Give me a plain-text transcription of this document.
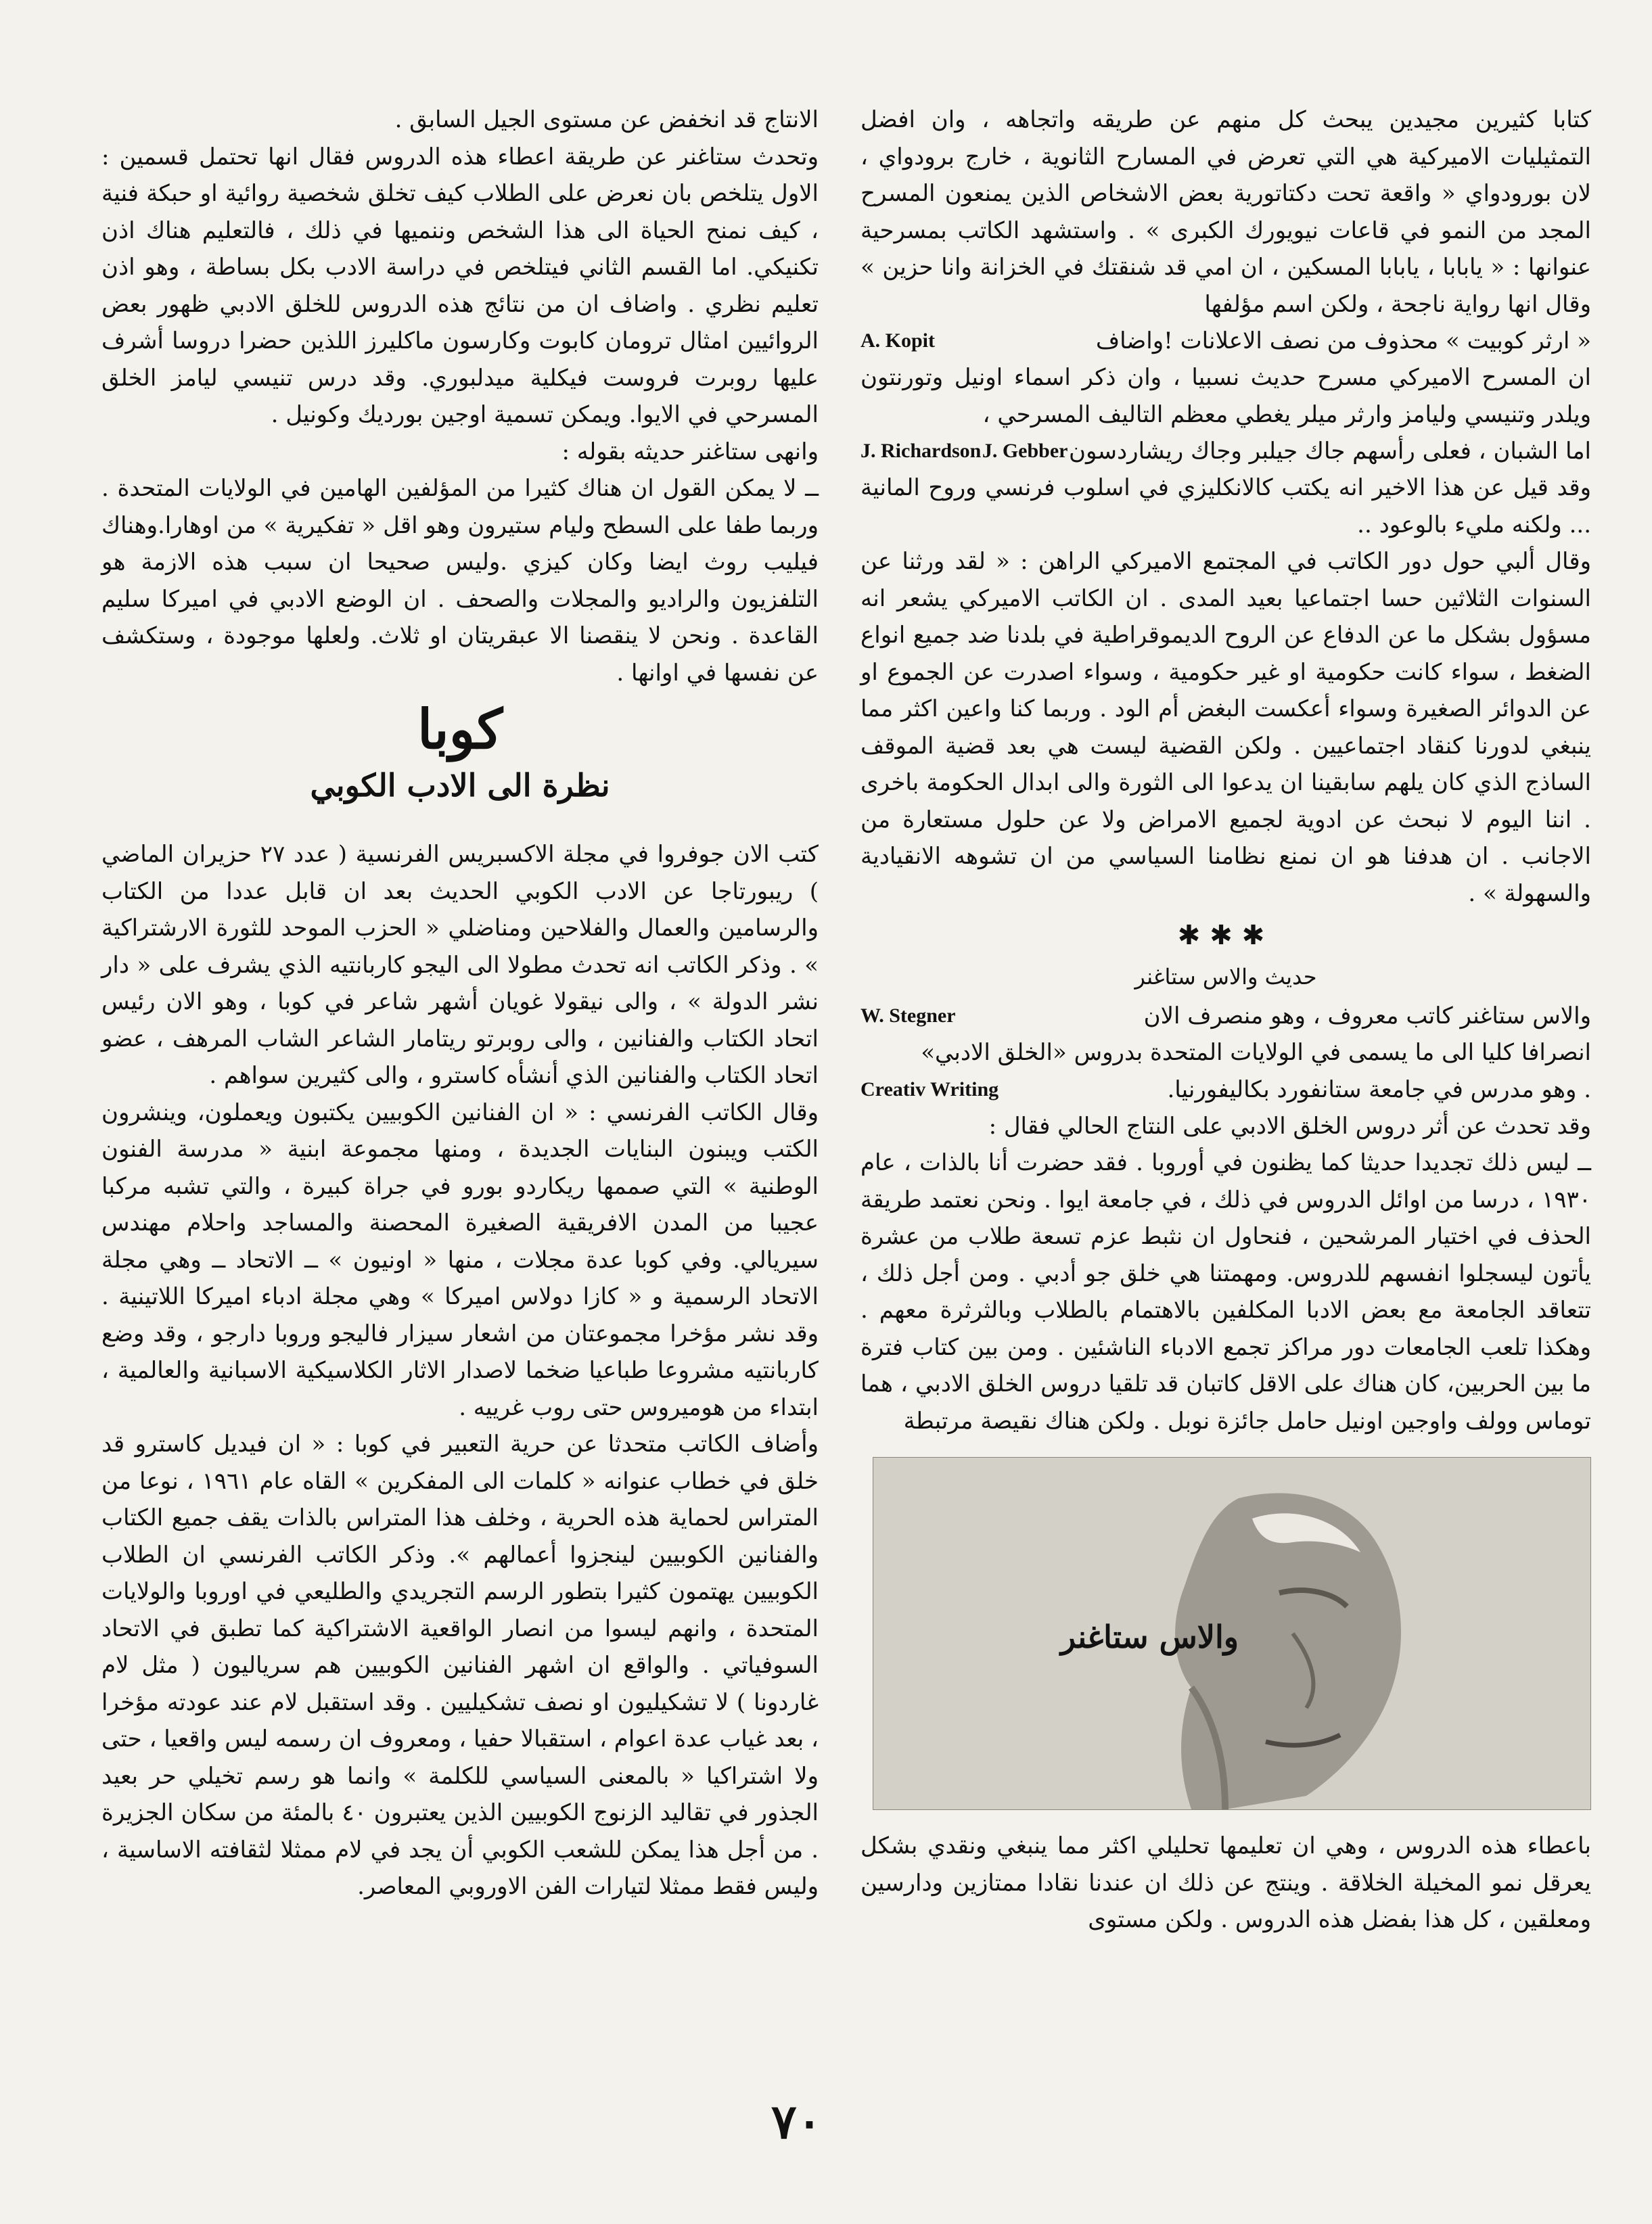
كتابا كثيرين مجيدين يبحث كل منهم عن طريقه واتجاهه ، وان افضل التمثيليات الاميركية هي التي تعرض في المسارح الثانوية ، خارج برودواي ، لان بورودواي « واقعة تحت دكتاتورية بعض الاشخاص الذين يمنعون المسرح المجد من النمو في قاعات نيويورك الكبرى » . واستشهد الكاتب بمسرحية عنوانها : « يابابا ، يابابا المسكين ، ان امي قد شنقتك في الخزانة وانا حزين » وقال انها رواية ناجحة ، ولكن اسم مؤلفها

« ارثر كوبيت » محذوف من نصف الاعلانات !واضاف
A. Kopit

ان المسرح الاميركي مسرح حديث نسبيا ، وان ذكر اسماء اونيل وتورنتون ويلدر وتنيسي وليامز وارثر ميلر يغطي معظم التاليف المسرحي ،

اما الشبان ، فعلى رأسهم جاك جيلبر وجاك ريشاردسون
J. Gebber
J. Richardson

وقد قيل عن هذا الاخير انه يكتب كالانكليزي في اسلوب فرنسي وروح المانية ... ولكنه مليء بالوعود ..

وقال ألبي حول دور الكاتب في المجتمع الاميركي الراهن : « لقد ورثنا عن السنوات الثلاثين حسا اجتماعيا بعيد المدى . ان الكاتب الاميركي يشعر انه مسؤول بشكل ما عن الدفاع عن الروح الديموقراطية في بلدنا ضد جميع انواع الضغط ، سواء كانت حكومية او غير حكومية ، وسواء اصدرت عن الجموع او عن الدوائر الصغيرة وسواء أعكست البغض أم الود . وربما كنا واعين اكثر مما ينبغي لدورنا كنقاد اجتماعيين . ولكن القضية ليست هي بعد قضية الموقف الساذج الذي كان يلهم سابقينا ان يدعوا الى الثورة والى ابدال الحكومة باخرى . اننا اليوم لا نبحث عن ادوية لجميع الامراض ولا عن حلول مستعارة من الاجانب . ان هدفنا هو ان نمنع نظامنا السياسي من ان تشوهه الانقيادية والسهولة » .

✱✱✱
حديث والاس ستاغنر
والاس ستاغنر كاتب معروف ، وهو منصرف الان
W. Stegner

انصرافا كليا الى ما يسمى في الولايات المتحدة بدروس «الخلق الادبي»

. وهو مدرس في جامعة ستانفورد بكاليفورنيا.
Creativ Writing

وقد تحدث عن أثر دروس الخلق الادبي على النتاج الحالي فقال :

ــ ليس ذلك تجديدا حديثا كما يظنون في أوروبا . فقد حضرت أنا بالذات ، عام ١٩٣٠ ، درسا من اوائل الدروس في ذلك ، في جامعة ايوا . ونحن نعتمد طريقة الحذف في اختيار المرشحين ، فنحاول ان نثبط عزم تسعة طلاب من عشرة يأتون ليسجلوا انفسهم للدروس. ومهمتنا هي خلق جو أدبي . ومن أجل ذلك ، تتعاقد الجامعة مع بعض الادبا المكلفين بالاهتمام بالطلاب وبالثرثرة معهم . وهكذا تلعب الجامعات دور مراكز تجمع الادباء الناشئين . ومن بين كتاب فترة ما بين الحربين، كان هناك على الاقل كاتبان قد تلقيا دروس الخلق الادبي ، هما توماس وولف واوجين اونيل حامل جائزة نوبل . ولكن هناك نقيصة مرتبطة

والاس ستاغنر

باعطاء هذه الدروس ، وهي ان تعليمها تحليلي اكثر مما ينبغي ونقدي بشكل يعرقل نمو المخيلة الخلاقة . وينتج عن ذلك ان عندنا نقادا ممتازين ودارسين ومعلقين ، كل هذا بفضل هذه الدروس . ولكن مستوى

الانتاج قد انخفض عن مستوى الجيل السابق .

وتحدث ستاغنر عن طريقة اعطاء هذه الدروس فقال انها تحتمل قسمين : الاول يتلخص بان نعرض على الطلاب كيف تخلق شخصية روائية او حبكة فنية ، كيف نمنح الحياة الى هذا الشخص وننميها في ذلك ، فالتعليم هناك اذن تكنيكي. اما القسم الثاني فيتلخص في دراسة الادب بكل بساطة ، وهو اذن تعليم نظري . واضاف ان من نتائج هذه الدروس للخلق الادبي ظهور بعض الروائيين امثال ترومان كابوت وكارسون ماكليرز اللذين حضرا دروسا أشرف عليها روبرت فروست فيكلية ميدلبوري. وقد درس تنيسي ليامز الخلق المسرحي في الايوا. ويمكن تسمية اوجين بورديك وكونيل .

وانهى ستاغنر حديثه بقوله :

ــ لا يمكن القول ان هناك كثيرا من المؤلفين الهامين في الولايات المتحدة . وربما طفا على السطح وليام ستيرون وهو اقل « تفكيرية » من اوهارا.وهناك فيليب روث ايضا وكان كيزي .وليس صحيحا ان سبب هذه الازمة هو التلفزيون والراديو والمجلات والصحف . ان الوضع الادبي في اميركا سليم القاعدة . ونحن لا ينقصنا الا عبقريتان او ثلاث. ولعلها موجودة ، وستكشف عن نفسها في اوانها .

كوبا
نظرة الى الادب الكوبي

كتب الان جوفروا في مجلة الاكسبريس الفرنسية ( عدد ٢٧ حزيران الماضي ) ريبورتاجا عن الادب الكوبي الحديث بعد ان قابل عددا من الكتاب والرسامين والعمال والفلاحين ومناضلي « الحزب الموحد للثورة الارشتراكية » . وذكر الكاتب انه تحدث مطولا الى اليجو كاربانتيه الذي يشرف على « دار نشر الدولة » ، والى نيقولا غويان أشهر شاعر في كوبا ، وهو الان رئيس اتحاد الكتاب والفنانين ، والى روبرتو ريتامار الشاعر الشاب المرهف ، عضو اتحاد الكتاب والفنانين الذي أنشأه كاسترو ، والى كثيرين سواهم .

وقال الكاتب الفرنسي : « ان الفنانين الكوبيين يكتبون ويعملون، وينشرون الكتب ويبنون البنايات الجديدة ، ومنها مجموعة ابنية « مدرسة الفنون الوطنية » التي صممها ريكاردو بورو في جراة كبيرة ، والتي تشبه مركبا عجيبا من المدن الافريقية الصغيرة المحصنة والمساجد واحلام مهندس سيريالي. وفي كوبا عدة مجلات ، منها « اونيون » ــ الاتحاد ــ وهي مجلة الاتحاد الرسمية و « كازا دولاس اميركا » وهي مجلة ادباء اميركا اللاتينية . وقد نشر مؤخرا مجموعتان من اشعار سيزار فاليجو وروبا دارجو ، وقد وضع كاربانتيه مشروعا طباعيا ضخما لاصدار الاثار الكلاسيكية الاسبانية والعالمية ، ابتداء من هوميروس حتى روب غرييه .

وأضاف الكاتب متحدثا عن حرية التعبير في كوبا : « ان فيديل كاسترو قد خلق في خطاب عنوانه « كلمات الى المفكرين » القاه عام ١٩٦١ ، نوعا من المتراس لحماية هذه الحرية ، وخلف هذا المتراس بالذات يقف جميع الكتاب والفنانين الكوبيين لينجزوا أعمالهم ». وذكر الكاتب الفرنسي ان الطلاب الكوبيين يهتمون كثيرا بتطور الرسم التجريدي والطليعي في اوروبا والولايات المتحدة ، وانهم ليسوا من انصار الواقعية الاشتراكية كما تطبق في الاتحاد السوفياتي . والواقع ان اشهر الفنانين الكوبيين هم سرياليون ( مثل لام غاردونا ) لا تشكيليون او نصف تشكيليين . وقد استقبل لام عند عودته مؤخرا ، بعد غياب عدة اعوام ، استقبالا حفيا ، ومعروف ان رسمه ليس واقعيا ، حتى ولا اشتراكيا « بالمعنى السياسي للكلمة » وانما هو رسم تخيلي حر بعيد الجذور في تقاليد الزنوج الكوبيين الذين يعتبرون ٤٠ بالمئة من سكان الجزيرة . من أجل هذا يمكن للشعب الكوبي أن يجد في لام ممثلا لثقافته الاساسية ، وليس فقط ممثلا لتيارات الفن الاوروبي المعاصر.

٧٠
